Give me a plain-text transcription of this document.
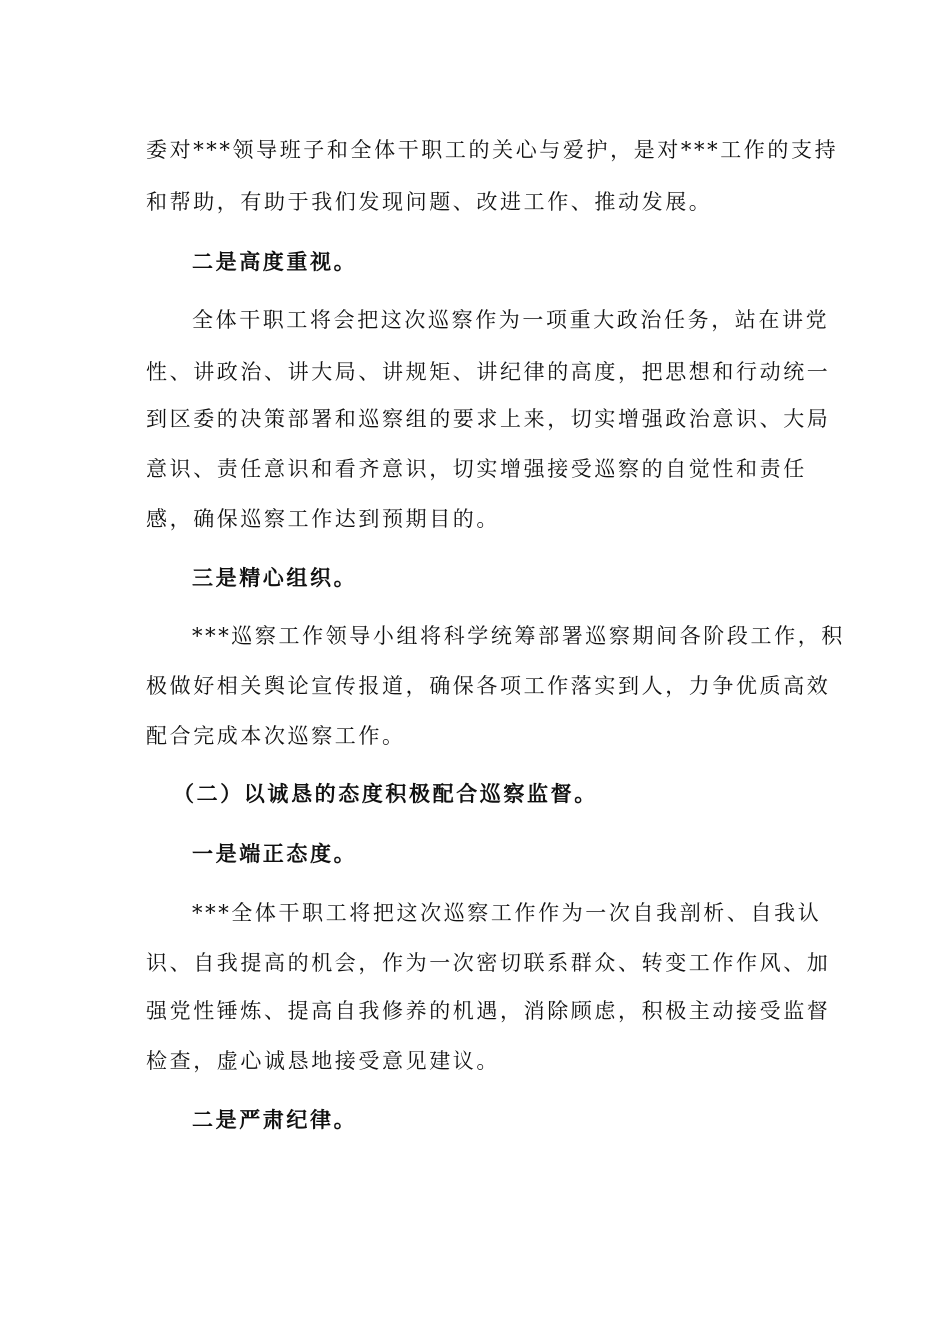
委对***领导班子和全体干职工的关心与爱护，是对***工作的支持
和帮助，有助于我们发现问题、改进工作、推动发展。
二是高度重视。
全体干职工将会把这次巡察作为一项重大政治任务，站在讲党
性、讲政治、讲大局、讲规矩、讲纪律的高度，把思想和行动统一
到区委的决策部署和巡察组的要求上来，切实增强政治意识、大局
意识、责任意识和看齐意识，切实增强接受巡察的自觉性和责任
感，确保巡察工作达到预期目的。
三是精心组织。
***巡察工作领导小组将科学统筹部署巡察期间各阶段工作，积
极做好相关舆论宣传报道，确保各项工作落实到人，力争优质高效
配合完成本次巡察工作。
（二）以诚恳的态度积极配合巡察监督。
一是端正态度。
***全体干职工将把这次巡察工作作为一次自我剖析、自我认
识、自我提高的机会，作为一次密切联系群众、转变工作作风、加
强党性锤炼、提高自我修养的机遇，消除顾虑，积极主动接受监督
检查，虚心诚恳地接受意见建议。
二是严肃纪律。
